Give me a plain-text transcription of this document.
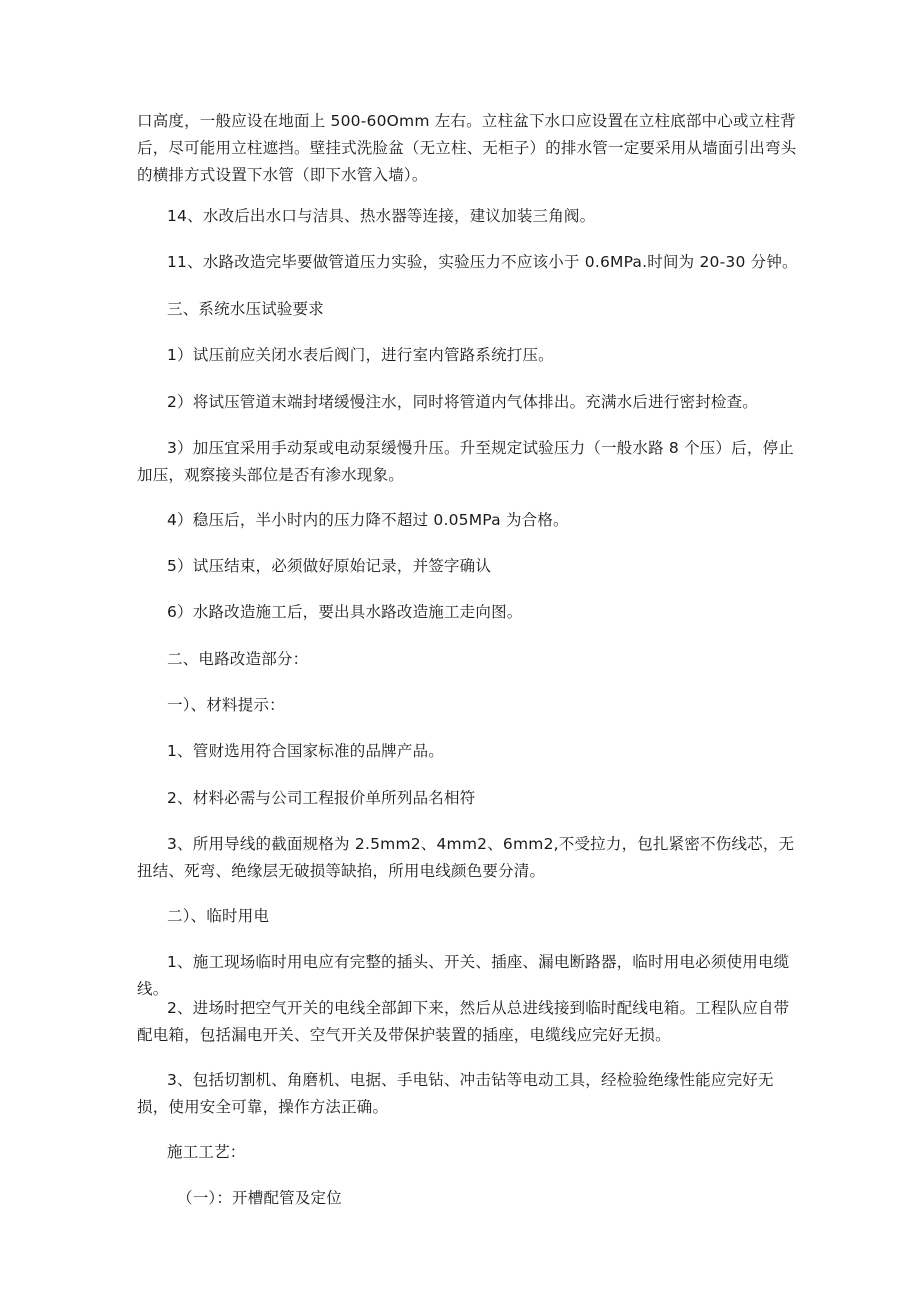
口高度，一般应设在地面上 500-60Omm 左右。立柱盆下水口应设置在立柱底部中心或立柱背后，尽可能用立柱遮挡。壁挂式洗脸盆（无立柱、无柜子）的排水管一定要采用从墙面引出弯头的横排方式设置下水管（即下水管入墙）。

14、水改后出水口与洁具、热水器等连接，建议加装三角阀。

11、水路改造完毕要做管道压力实验，实验压力不应该小于 0.6MPa.时间为 20-30 分钟。

三、系统水压试验要求

1）试压前应关闭水表后阀门，进行室内管路系统打压。

2）将试压管道末端封堵缓慢注水，同时将管道内气体排出。充满水后进行密封检查。

3）加压宜采用手动泵或电动泵缓慢升压。升至规定试验压力（一般水路 8 个压）后，停止加压，观察接头部位是否有渗水现象。

4）稳压后，半小时内的压力降不超过 0.05MPa 为合格。

5）试压结束，必须做好原始记录，并签字确认

6）水路改造施工后，要出具水路改造施工走向图。

二、电路改造部分：

一）、材料提示：

1、管财选用符合国家标准的品牌产品。

2、材料必需与公司工程报价单所列品名相符

3、所用导线的截面规格为 2.5mm2、4mm2、6mm2,不受拉力，包扎紧密不伤线芯，无扭结、死弯、绝缘层无破损等缺掐，所用电线颜色要分清。

二）、临时用电

1、施工现场临时用电应有完整的插头、开关、插座、漏电断路器，临时用电必须使用电缆线。

2、进场时把空气开关的电线全部卸下来，然后从总进线接到临时配线电箱。工程队应自带配电箱，包括漏电开关、空气开关及带保护装置的插座，电缆线应完好无损。

3、包括切割机、角磨机、电据、手电钻、冲击钻等电动工具，经检验绝缘性能应完好无损，使用安全可靠，操作方法正确。

施工工艺：

（一）：开槽配管及定位
